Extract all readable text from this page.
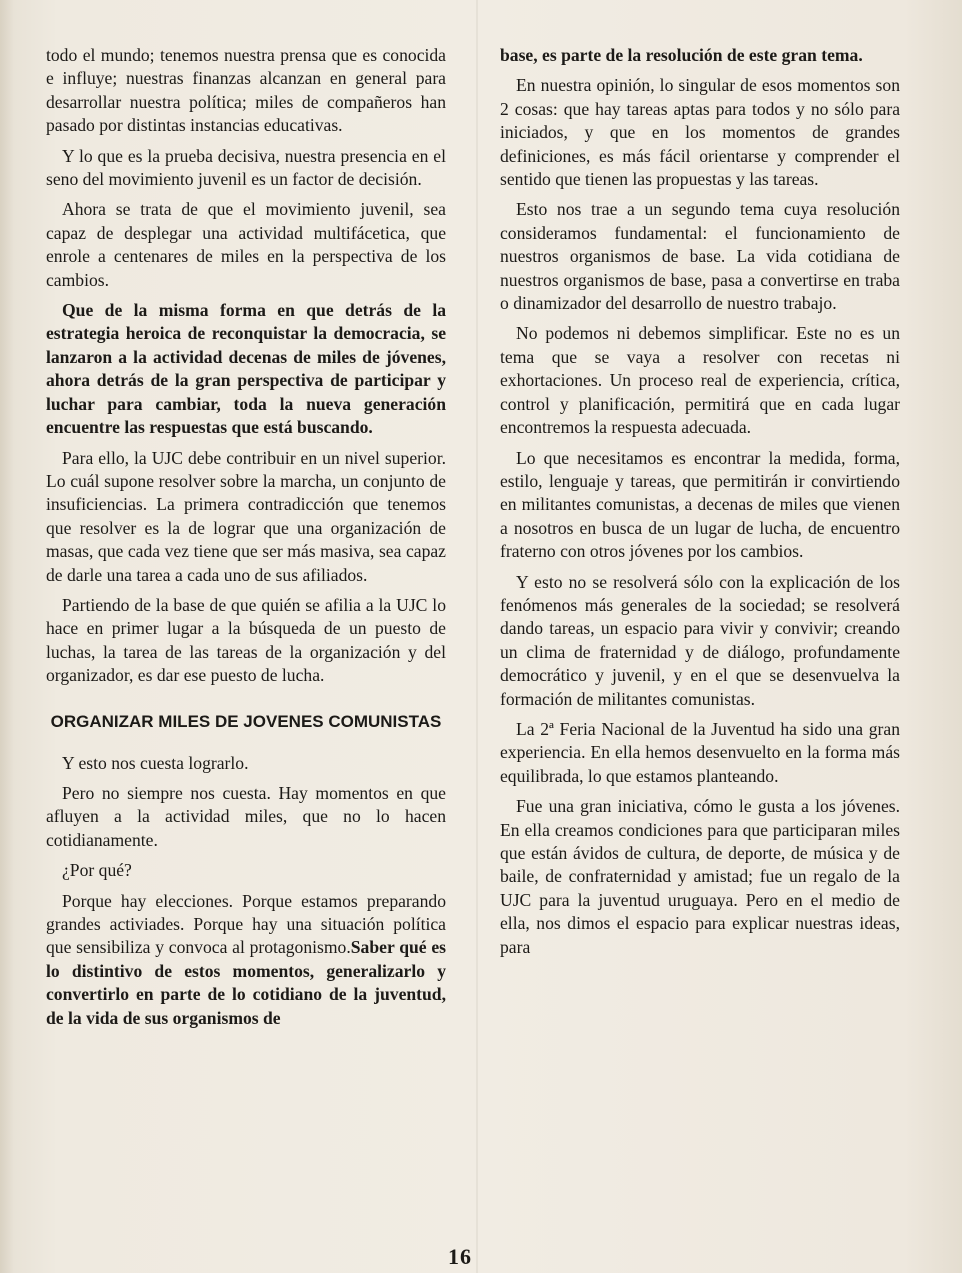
todo el mundo; tenemos nuestra prensa que es conocida e influye; nuestras finanzas alcanzan en general para desarrollar nuestra política; miles de compañeros han pasado por distintas instancias educativas.

Y lo que es la prueba decisiva, nuestra presencia en el seno del movimiento juvenil es un factor de decisión.

Ahora se trata de que el movimiento juvenil, sea capaz de desplegar una actividad multifácetica, que enrole a centenares de miles en la perspectiva de los cambios.

Que de la misma forma en que detrás de la estrategia heroica de reconquistar la democracia, se lanzaron a la actividad decenas de miles de jóvenes, ahora detrás de la gran perspectiva de participar y luchar para cambiar, toda la nueva generación encuentre las respuestas que está buscando.

Para ello, la UJC debe contribuir en un nivel superior. Lo cuál supone resolver sobre la marcha, un conjunto de insuficiencias. La primera contradicción que tenemos que resolver es la de lograr que una organización de masas, que cada vez tiene que ser más masiva, sea capaz de darle una tarea a cada uno de sus afiliados.

Partiendo de la base de que quién se afilia a la UJC lo hace en primer lugar a la búsqueda de un puesto de luchas, la tarea de las tareas de la organización y del organizador, es dar ese puesto de lucha.

ORGANIZAR MILES DE JOVENES COMUNISTAS

Y esto nos cuesta lograrlo.

Pero no siempre nos cuesta. Hay momentos en que afluyen a la actividad miles, que no lo hacen cotidianamente.

¿Por qué?

Porque hay elecciones. Porque estamos preparando grandes activiades. Porque hay una situación política que sensibiliza y convoca al protagonismo.Saber qué es lo distintivo de estos momentos, generalizarlo y convertirlo en parte de lo cotidiano de la juventud, de la vida de sus organismos de

base, es parte de la resolución de este gran tema.

En nuestra opinión, lo singular de esos momentos son 2 cosas: que hay tareas aptas para todos y no sólo para iniciados, y que en los momentos de grandes definiciones, es más fácil orientarse y comprender el sentido que tienen las propuestas y las tareas.

Esto nos trae a un segundo tema cuya resolución consideramos fundamental: el funcionamiento de nuestros organismos de base. La vida cotidiana de nuestros organismos de base, pasa a convertirse en traba o dinamizador del desarrollo de nuestro trabajo.

No podemos ni debemos simplificar. Este no es un tema que se vaya a resolver con recetas ni exhortaciones. Un proceso real de experiencia, crítica, control y planificación, permitirá que en cada lugar encontremos la respuesta adecuada.

Lo que necesitamos es encontrar la medida, forma, estilo, lenguaje y tareas, que permitirán ir convirtiendo en militantes comunistas, a decenas de miles que vienen a nosotros en busca de un lugar de lucha, de encuentro fraterno con otros jóvenes por los cambios.

Y esto no se resolverá sólo con la explicación de los fenómenos más generales de la sociedad; se resolverá dando tareas, un espacio para vivir y convivir; creando un clima de fraternidad y de diálogo, profundamente democrático y juvenil, y en el que se desenvuelva la formación de militantes comunistas.

La 2ª Feria Nacional de la Juventud ha sido una gran experiencia. En ella hemos desenvuelto en la forma más equilibrada, lo que estamos planteando.

Fue una gran iniciativa, cómo le gusta a los jóvenes. En ella creamos condiciones para que participaran miles que están ávidos de cultura, de deporte, de música y de baile, de confraternidad y amistad; fue un regalo de la UJC para la juventud uruguaya. Pero en el medio de ella, nos dimos el espacio para explicar nuestras ideas, para

16
